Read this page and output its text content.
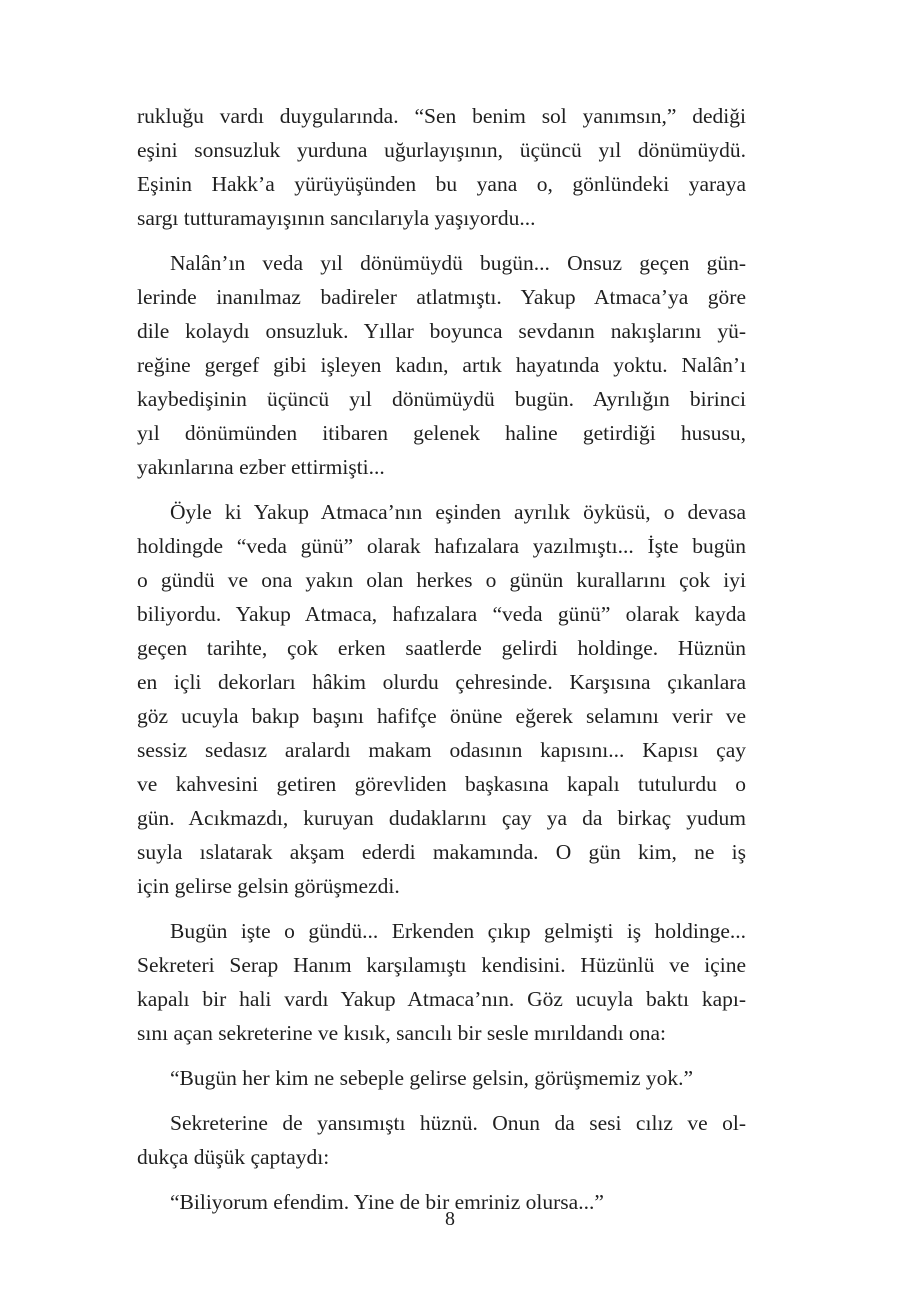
rukluğu vardı duygularında. “Sen benim sol yanımsın,” dediği
eşini sonsuzluk yurduna uğurlayışının, üçüncü yıl dönümüydü.
Eşinin Hakk’a yürüyüşünden bu yana o, gönlündeki yaraya
sargı tutturamayışının sancılarıyla yaşıyordu...

Nalân’ın veda yıl dönümüydü bugün... Onsuz geçen gün-
lerinde inanılmaz badireler atlatmıştı. Yakup Atmaca’ya göre
dile kolaydı onsuzluk. Yıllar boyunca sevdanın nakışlarını yü-
reğine gergef gibi işleyen kadın, artık hayatında yoktu. Nalân’ı
kaybedişinin üçüncü yıl dönümüydü bugün. Ayrılığın birinci
yıl dönümünden itibaren gelenek haline getirdiği hususu,
yakınlarına ezber ettirmişti...

Öyle ki Yakup Atmaca’nın eşinden ayrılık öyküsü, o devasa
holdingde “veda günü” olarak hafızalara yazılmıştı... İşte bugün
o gündü ve ona yakın olan herkes o günün kurallarını çok iyi
biliyordu. Yakup Atmaca, hafızalara “veda günü” olarak kayda
geçen tarihte, çok erken saatlerde gelirdi holdinge. Hüznün
en içli dekorları hâkim olurdu çehresinde. Karşısına çıkanlara
göz ucuyla bakıp başını hafifçe önüne eğerek selamını verir ve
sessiz sedasız aralardı makam odasının kapısını... Kapısı çay
ve kahvesini getiren görevliden başkasına kapalı tutulurdu o
gün. Acıkmazdı, kuruyan dudaklarını çay ya da birkaç yudum
suyla ıslatarak akşam ederdi makamında. O gün kim, ne iş
için gelirse gelsin görüşmezdi.

Bugün işte o gündü... Erkenden çıkıp gelmişti iş holdinge...
Sekreteri Serap Hanım karşılamıştı kendisini. Hüzünlü ve içine
kapalı bir hali vardı Yakup Atmaca’nın. Göz ucuyla baktı kapı-
sını açan sekreterine ve kısık, sancılı bir sesle mırıldandı ona:

“Bugün her kim ne sebeple gelirse gelsin, görüşmemiz yok.”

Sekreterine de yansımıştı hüznü. Onun da sesi cılız ve ol-
dukça düşük çaptaydı:

“Biliyorum efendim. Yine de bir emriniz olursa...”

8
